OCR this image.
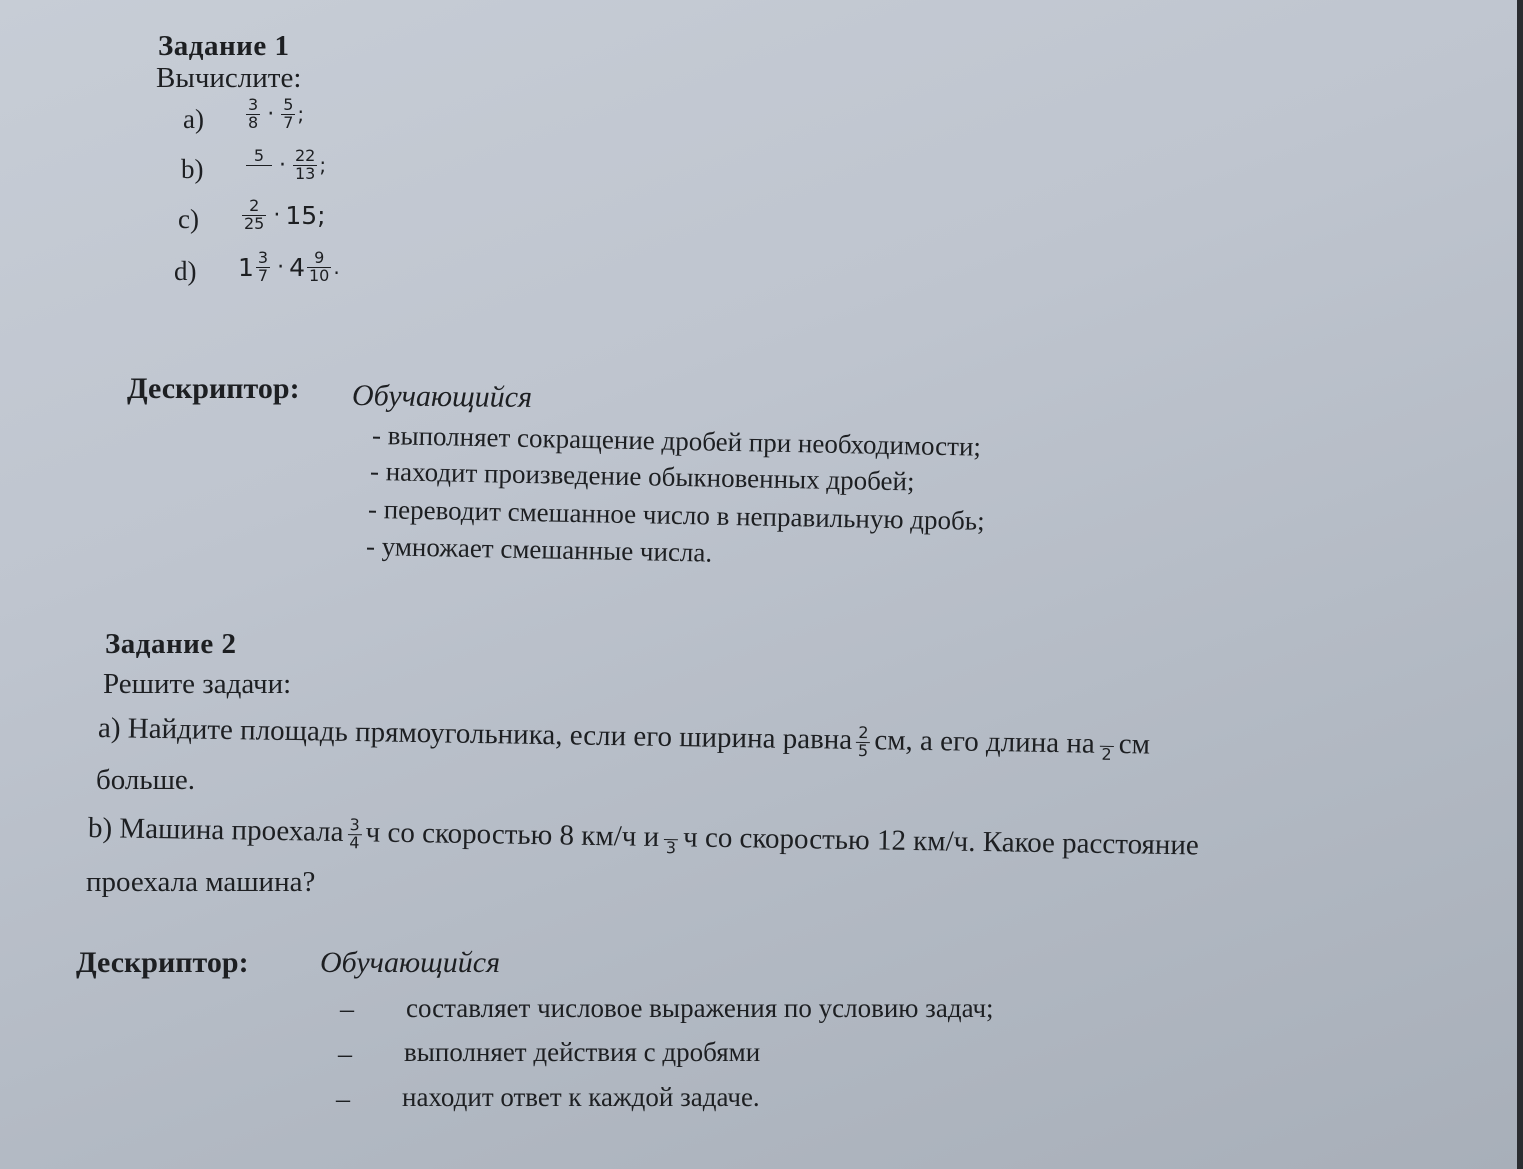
Задание 1
Вычислите:
a)	$\frac{3}{8} \cdot \frac{5}{7}$ ;
b)	$5 \cdot \frac{22}{13}$ ;
c)	$\frac{2}{25} \cdot 15$;
d) $1 \frac{3}{7} \cdot 4 \frac{9}{10}$ .
Дескриптор: Обучающийся
- выполняет сокращение дробей при необходимости;
- находит произведение обыкновенных дробей;
- переводит смешанное число в неправильную дробь;
- умножает смешанные числа.
Задание 2
Решите задачи:
а) Найдите площадь прямоугольника, если его ширина равна $\frac{2}{5}$ см, а его длина на 2 см
больше.
b) Машина проехала $\frac{3}{4}$ ч со скоростью 8 км/ч и 3 ч со скоростью 12 км/ч. Какое расстояние
проехала машина?
Дескриптор: Обучающийся
– составляет числовое выражения по условию задач;
– выполняет действия с дробями
– находит ответ к каждой задаче.
